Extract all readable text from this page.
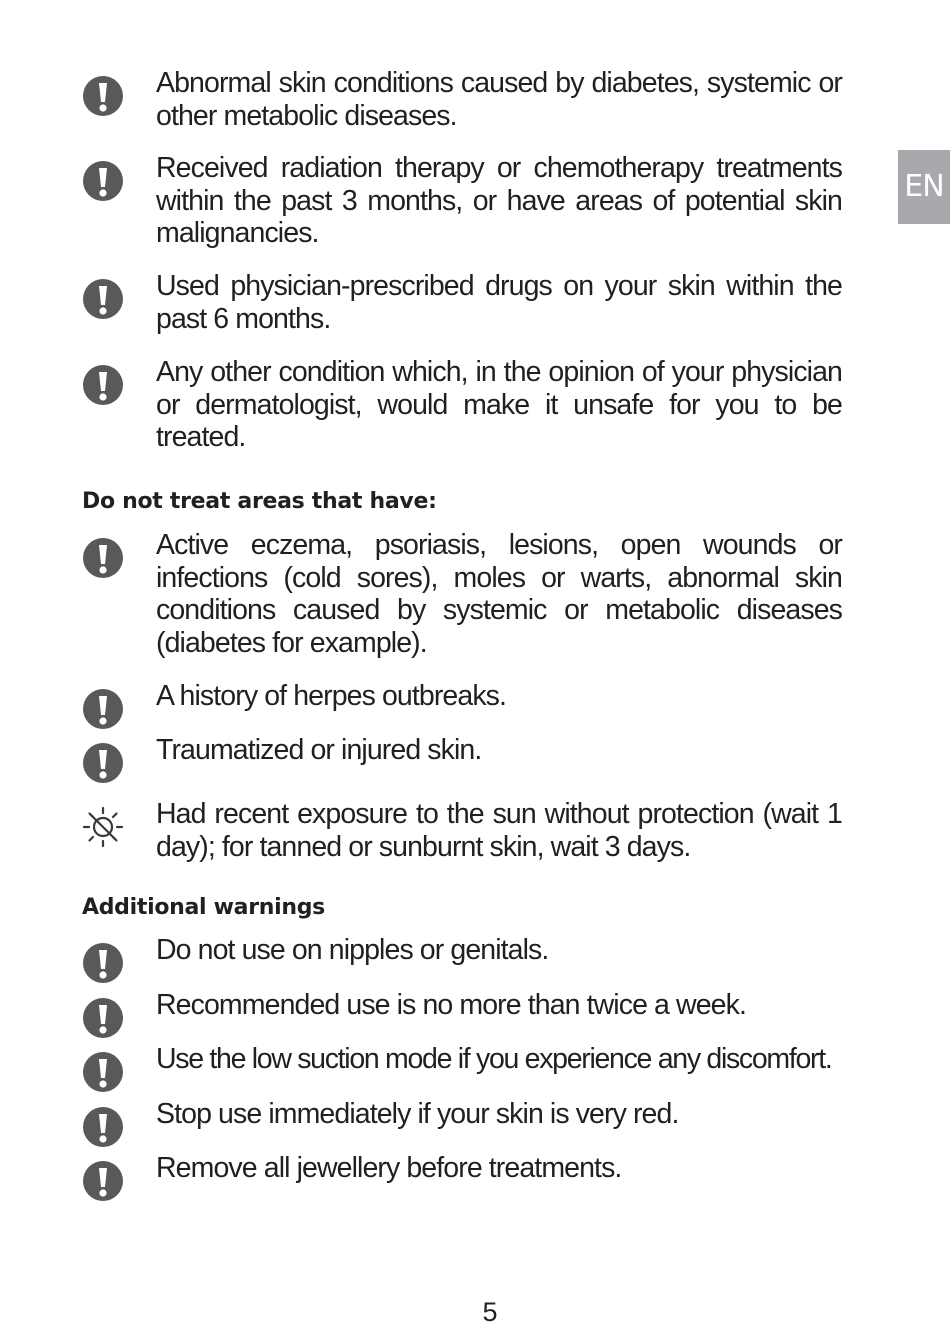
EN
Abnormal skin conditions caused by diabetes, systemic or other metabolic diseases.
Received radiation therapy or chemotherapy treatments within the past 3 months, or have areas of potential skin malignancies.
Used physician-prescribed drugs on your skin within the past 6 months.
Any other condition which, in the opinion of your physician or dermatologist, would make it unsafe for you to be treated.
Do not treat areas that have:
Active eczema, psoriasis, lesions, open wounds or infections (cold sores), moles or warts, abnormal skin conditions caused by systemic or metabolic diseases (diabetes for example).
A history of herpes outbreaks.
Traumatized or injured skin.
Had recent exposure to the sun without protection (wait 1 day); for tanned or sunburnt skin, wait 3 days.
Additional warnings
Do not use on nipples or genitals.
Recommended use is no more than twice a week.
Use the low suction mode if you experience any discomfort.
Stop use immediately if your skin is very red.
Remove all jewellery before treatments.
5
